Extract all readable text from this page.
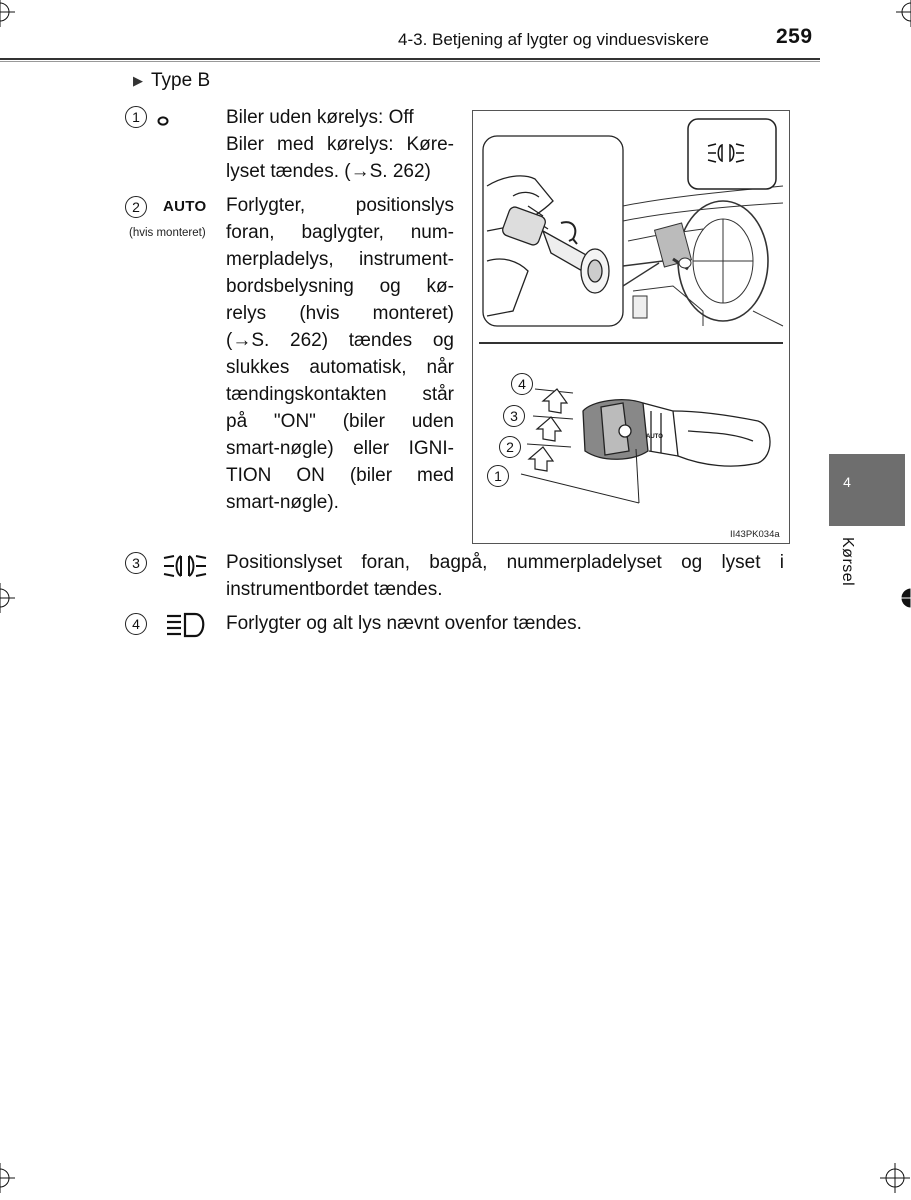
4-3. Betjening af lygter og vinduesviskere	259
▶ Type B
1	Biler uden kørelys: Off
Biler med kørelys: Køre-
lyset tændes. (→S. 262)
2	AUTO
(hvis monteret)
Forlygter, positionslys
foran, baglygter, num-
merpladelys, instrument-
bordsbelysning og kø-
relys (hvis monteret)
(→S. 262) tændes og
slukkes automatisk, når
tændingskontakten står
på "ON" (biler uden
smart-nøgle) eller IGNI-
TION ON (biler med
smart-nøgle).
4
3
2
1
AUTO
II43PK034a
3	Positionslyset foran, bagpå, nummerpladelyset og lyset i
instrumentbordet tændes.
4	Forlygter og alt lys nævnt ovenfor tændes.
4
Kørsel
